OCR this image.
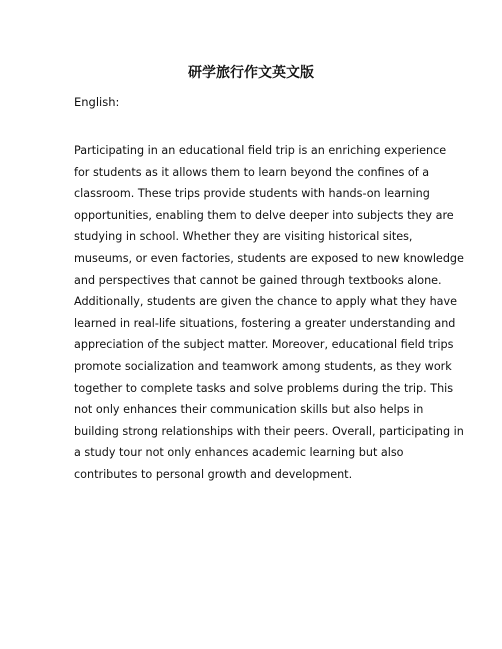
研学旅行作文英文版

English:

Participating in an educational field trip is an enriching experience
for students as it allows them to learn beyond the confines of a
classroom. These trips provide students with hands-on learning
opportunities, enabling them to delve deeper into subjects they are
studying in school. Whether they are visiting historical sites,
museums, or even factories, students are exposed to new knowledge
and perspectives that cannot be gained through textbooks alone.
Additionally, students are given the chance to apply what they have
learned in real-life situations, fostering a greater understanding and
appreciation of the subject matter. Moreover, educational field trips
promote socialization and teamwork among students, as they work
together to complete tasks and solve problems during the trip. This
not only enhances their communication skills but also helps in
building strong relationships with their peers. Overall, participating in
a study tour not only enhances academic learning but also
contributes to personal growth and development.
